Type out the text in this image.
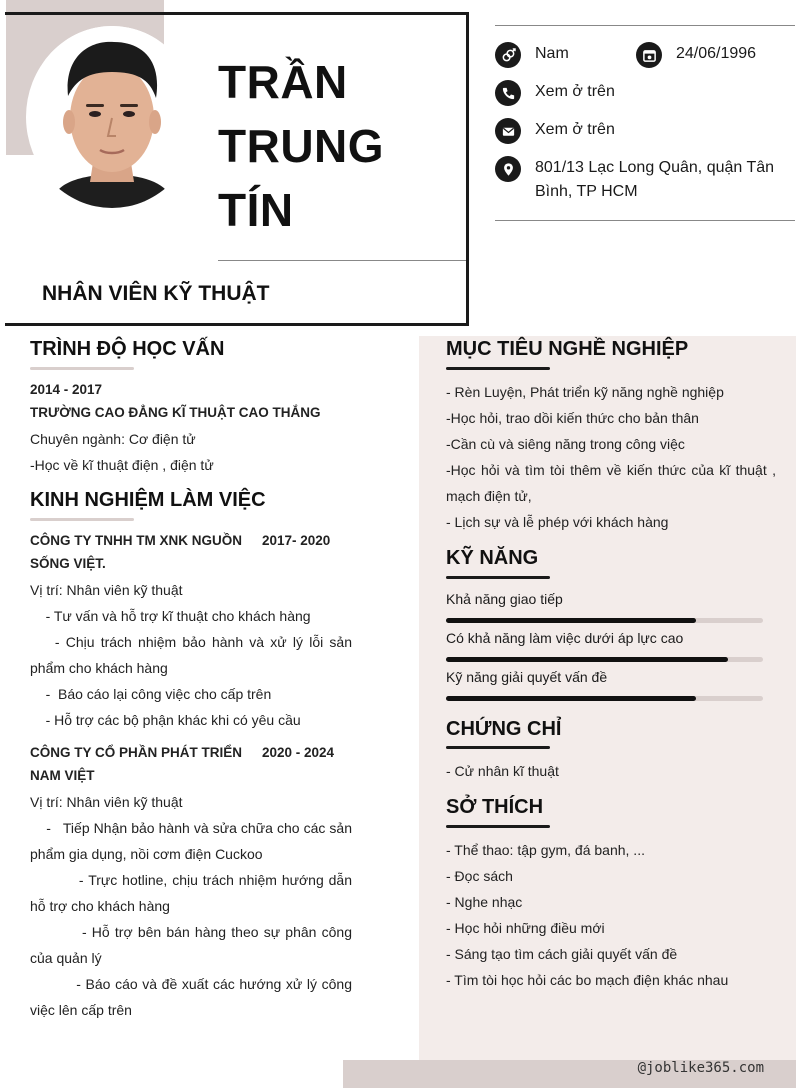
TRẦN
TRUNG
TÍN
NHÂN VIÊN KỸ THUẬT
Nam	24/06/1996
Xem ở trên
Xem ở trên
801/13 Lạc Long Quân, quận Tân Bình, TP HCM
TRÌNH ĐỘ HỌC VẤN
2014 - 2017
TRƯỜNG CAO ĐẲNG KĨ THUẬT CAO THẮNG
Chuyên ngành: Cơ điện tử
-Học về kĩ thuật điện , điện tử
KINH NGHIỆM LÀM VIỆC
CÔNG TY TNHH TM XNK NGUỒN SỐNG VIỆT.
2017- 2020
Vị trí: Nhân viên kỹ thuật
- Tư vấn và hỗ trợ kĩ thuật cho khách hàng
- Chịu trách nhiệm bảo hành và xử lý lỗi sản phẩm cho khách hàng
-  Báo cáo lại công việc cho cấp trên
- Hỗ trợ các bộ phận khác khi có yêu cầu
CÔNG TY CỔ PHẦN PHÁT TRIỂN NAM VIỆT
2020 - 2024
Vị trí: Nhân viên kỹ thuật
-   Tiếp Nhận bảo hành và sửa chữa cho các sản phẩm gia dụng, nồi cơm điện Cuckoo
- Trực hotline, chịu trách nhiệm hướng dẫn hỗ trợ cho khách hàng
- Hỗ trợ bên bán hàng theo sự phân công của quản lý
- Báo cáo và đề xuất các hướng xử lý công việc lên cấp trên
MỤC TIÊU NGHỀ NGHIỆP
- Rèn Luyện, Phát triển kỹ năng nghề nghiệp
-Học hỏi, trao dồi kiến thức cho bản thân
-Cần cù và siêng năng trong công việc
-Học hỏi và tìm tòi thêm về kiến thức của kĩ thuật , mạch điện tử,
- Lịch sự và lễ phép với khách hàng
KỸ NĂNG
Khả năng giao tiếp
Có khả năng làm việc dưới áp lực cao
Kỹ năng giải quyết vấn đề
CHỨNG CHỈ
- Cử nhân kĩ thuật
SỞ THÍCH
- Thể thao: tập gym, đá banh, ...
- Đọc sách
- Nghe nhạc
- Học hỏi những điều mới
- Sáng tạo tìm cách giải quyết vấn đề
- Tìm tòi học hỏi các bo mạch điện khác nhau
@joblike365.com
